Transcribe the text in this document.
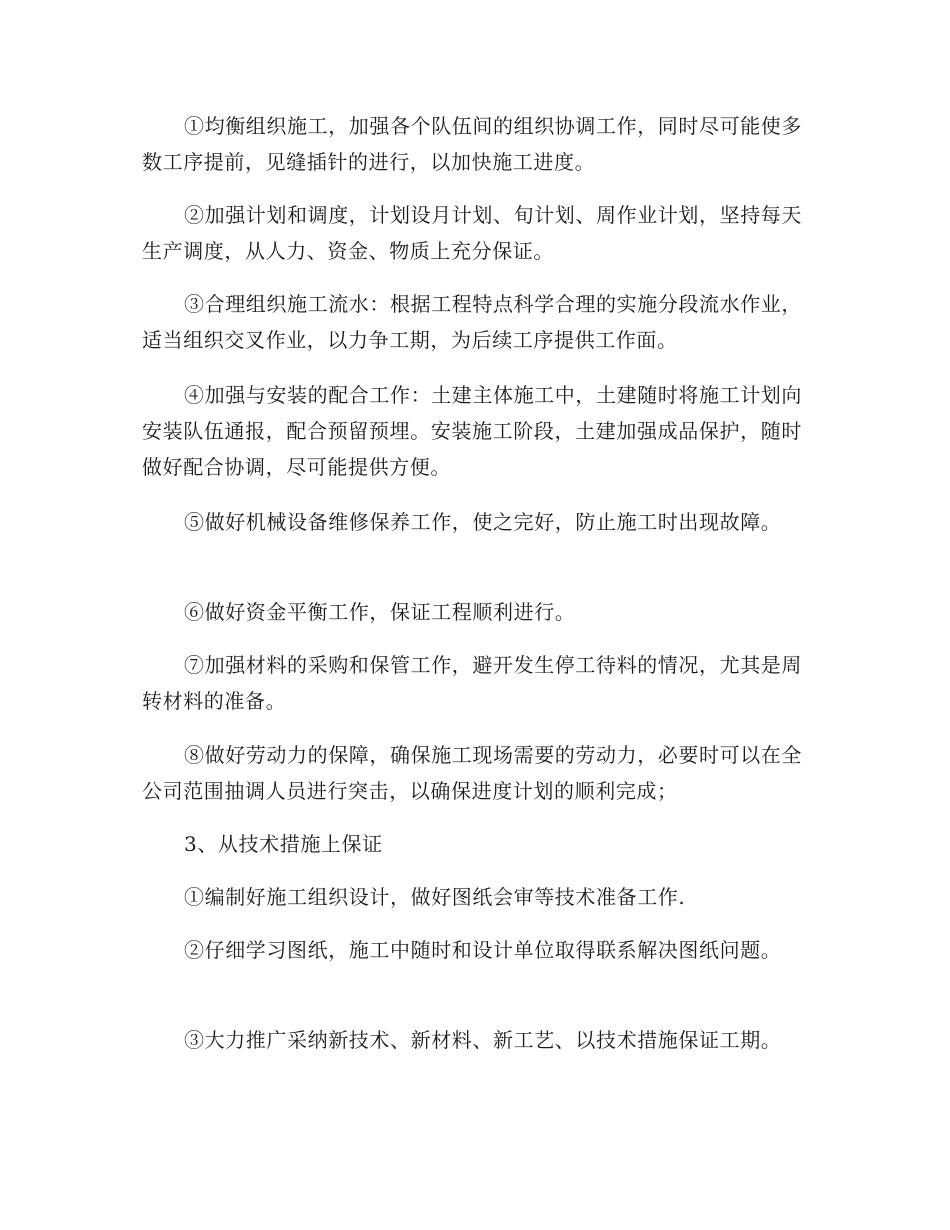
①均衡组织施工，加强各个队伍间的组织协调工作，同时尽可能使多数工序提前，见缝插针的进行，以加快施工进度。

②加强计划和调度，计划设月计划、旬计划、周作业计划，坚持每天生产调度，从人力、资金、物质上充分保证。

③合理组织施工流水：根据工程特点科学合理的实施分段流水作业，适当组织交叉作业，以力争工期，为后续工序提供工作面。

④加强与安装的配合工作：土建主体施工中，土建随时将施工计划向安装队伍通报，配合预留预埋。安装施工阶段，土建加强成品保护，随时做好配合协调，尽可能提供方便。

⑤做好机械设备维修保养工作，使之完好，防止施工时出现故障。

⑥做好资金平衡工作，保证工程顺利进行。

⑦加强材料的采购和保管工作，避开发生停工待料的情况，尤其是周转材料的准备。

⑧做好劳动力的保障，确保施工现场需要的劳动力，必要时可以在全公司范围抽调人员进行突击，以确保进度计划的顺利完成；

3、从技术措施上保证

①编制好施工组织设计，做好图纸会审等技术准备工作.

②仔细学习图纸，施工中随时和设计单位取得联系解决图纸问题。

③大力推广采纳新技术、新材料、新工艺、以技术措施保证工期。
